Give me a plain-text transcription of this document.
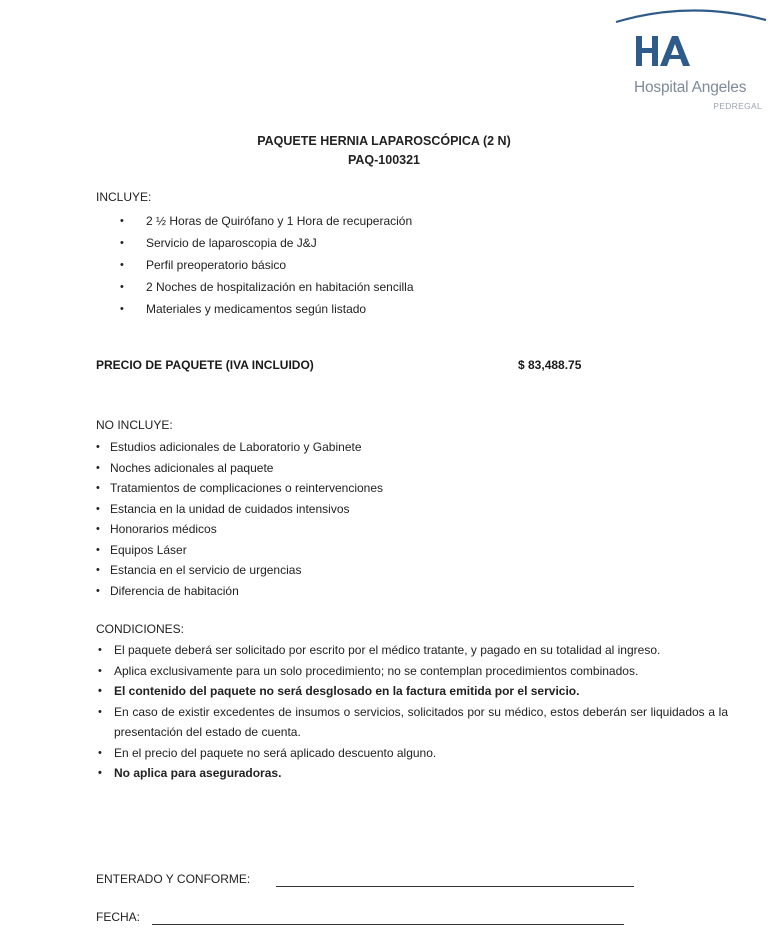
Hospital Angeles
PEDREGAL
PAQUETE HERNIA LAPAROSCÓPICA (2 N)
PAQ-100321
INCLUYE:
• 2 ½ Horas de Quirófano y 1 Hora de recuperación
• Servicio de laparoscopia de J&J
• Perfil preoperatorio básico
• 2 Noches de hospitalización en habitación sencilla
• Materiales y medicamentos según listado
PRECIO DE PAQUETE (IVA INCLUIDO)	$ 83,488.75
NO INCLUYE:
• Estudios adicionales de Laboratorio y Gabinete
• Noches adicionales al paquete
• Tratamientos de complicaciones o reintervenciones
• Estancia en la unidad de cuidados intensivos
• Honorarios médicos
• Equipos Láser
• Estancia en el servicio de urgencias
• Diferencia de habitación
CONDICIONES:
• El paquete deberá ser solicitado por escrito por el médico tratante, y pagado en su totalidad al ingreso.
• Aplica exclusivamente para un solo procedimiento; no se contemplan procedimientos combinados.
• El contenido del paquete no será desglosado en la factura emitida por el servicio.
• En caso de existir excedentes de insumos o servicios, solicitados por su médico, estos deberán ser liquidados a la presentación del estado de cuenta.
• En el precio del paquete no será aplicado descuento alguno.
• No aplica para aseguradoras.
ENTERADO Y CONFORME:
FECHA:
